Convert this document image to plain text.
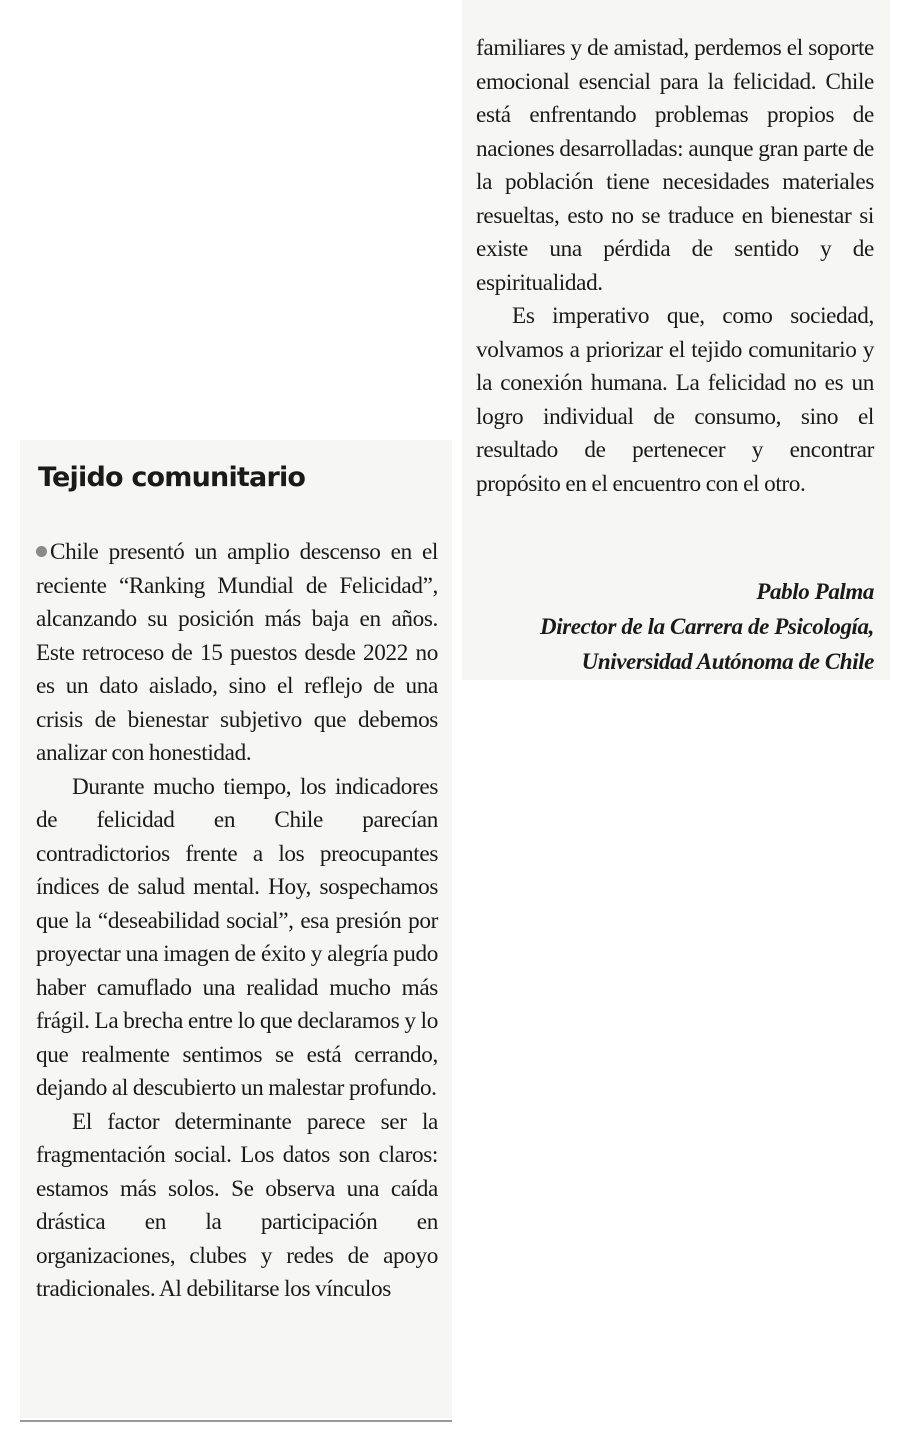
Tejido comunitario

Chile presentó un amplio descenso en el reciente “Ranking Mundial de Felicidad”, alcanzando su posición más baja en años. Este retroceso de 15 puestos desde 2022 no es un dato aislado, sino el reflejo de una crisis de bienestar subjetivo que debemos analizar con honestidad.

Durante mucho tiempo, los indicadores de felicidad en Chile parecían contradictorios frente a los preocupantes índices de salud mental. Hoy, sospechamos que la “deseabilidad social”, esa presión por proyectar una imagen de éxito y alegría pudo haber camuflado una realidad mucho más frágil. La brecha entre lo que declaramos y lo que realmente sentimos se está cerrando, dejando al descubierto un malestar profundo.

El factor determinante parece ser la fragmentación social. Los datos son claros: estamos más solos. Se observa una caída drástica en la participación en organizaciones, clubes y redes de apoyo tradicionales. Al debilitarse los vínculos

familiares y de amistad, perdemos el soporte emocional esencial para la felicidad. Chile está enfrentando problemas propios de naciones desarrolladas: aunque gran parte de la población tiene necesidades materiales resueltas, esto no se traduce en bienestar si existe una pérdida de sentido y de espiritualidad.

Es imperativo que, como sociedad, volvamos a priorizar el tejido comunitario y la conexión humana. La felicidad no es un logro individual de consumo, sino el resultado de pertenecer y encontrar propósito en el encuentro con el otro.

Pablo Palma
Director de la Carrera de Psicología,
Universidad Autónoma de Chile
